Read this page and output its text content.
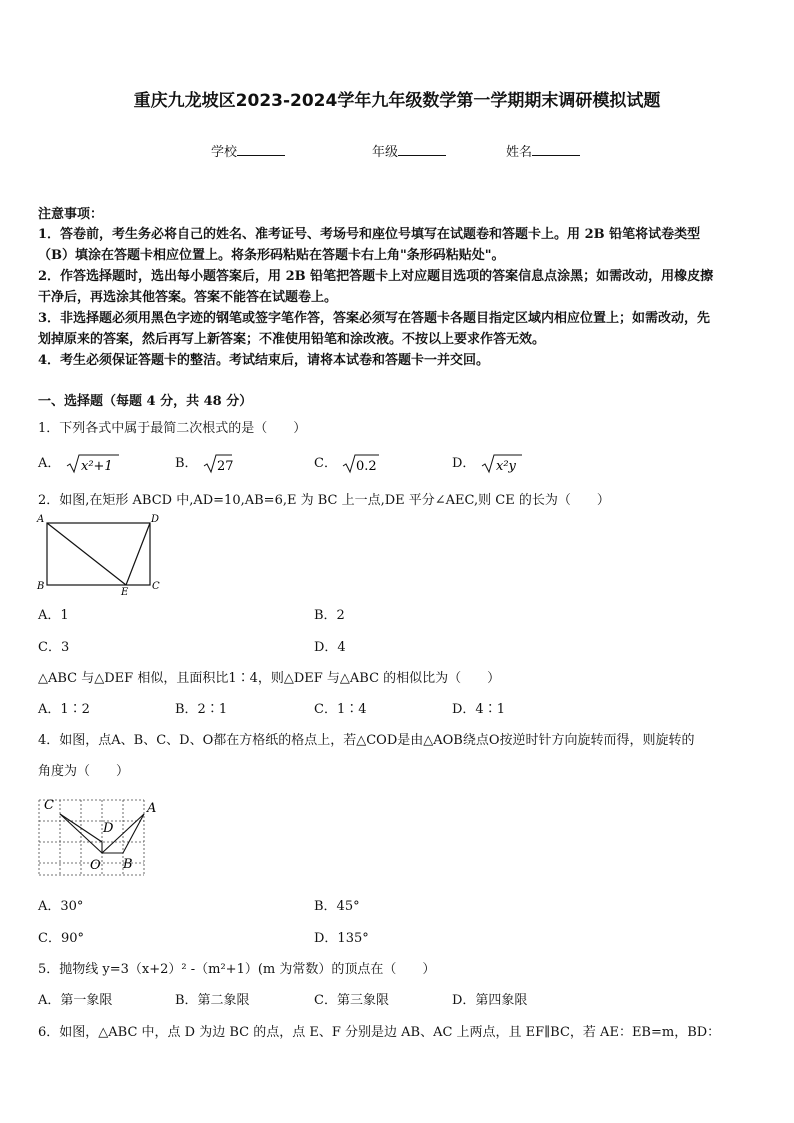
重庆九龙坡区2023-2024学年九年级数学第一学期期末调研模拟试题
学校	年级	姓名
注意事项：
1．答卷前，考生务必将自己的姓名、准考证号、考场号和座位号填写在试题卷和答题卡上。用 2B 铅笔将试卷类型
（B）填涂在答题卡相应位置上。将条形码粘贴在答题卡右上角"条形码粘贴处"。
2．作答选择题时，选出每小题答案后，用 2B 铅笔把答题卡上对应题目选项的答案信息点涂黑；如需改动，用橡皮擦
干净后，再选涂其他答案。答案不能答在试题卷上。
3．非选择题必须用黑色字迹的钢笔或签字笔作答，答案必须写在答题卡各题目指定区域内相应位置上；如需改动，先
划掉原来的答案，然后再写上新答案；不准使用铅笔和涂改液。不按以上要求作答无效。
4．考生必须保证答题卡的整洁。考试结束后，请将本试卷和答题卡一并交回。
一、选择题（每题 4 分，共 48 分）
1．下列各式中属于最简二次根式的是（　　）
A． x²+1	B． 27	C． 0.2	D． x²y
2．如图,在矩形 ABCD 中,AD=10,AB=6,E 为 BC 上一点,DE 平分∠AEC,则 CE 的长为（　　）
A	D
B
E
C
A．1	B．2
C．3	D．4
△ABC 与△DEF 相似，且面积比1∶4，则△DEF 与△ABC 的相似比为（　　）
A．1∶2	B．2∶1	C．1∶4	D．4∶1
4．如图，点A、B、C、D、O都在方格纸的格点上，若△COD是由△AOB绕点O按逆时针方向旋转而得，则旋转的
角度为（　　）
C	A
D
O B
A．30°	B．45°
C．90°	D．135°
5．抛物线 y=3（x+2）² -（m²+1）(m 为常数）的顶点在（　　）
A．第一象限	B．第二象限	C．第三象限	D．第四象限
6．如图，△ABC 中，点 D 为边 BC 的点，点 E、F 分别是边 AB、AC 上两点，且 EF∥BC，若 AE：EB=m，BD：
